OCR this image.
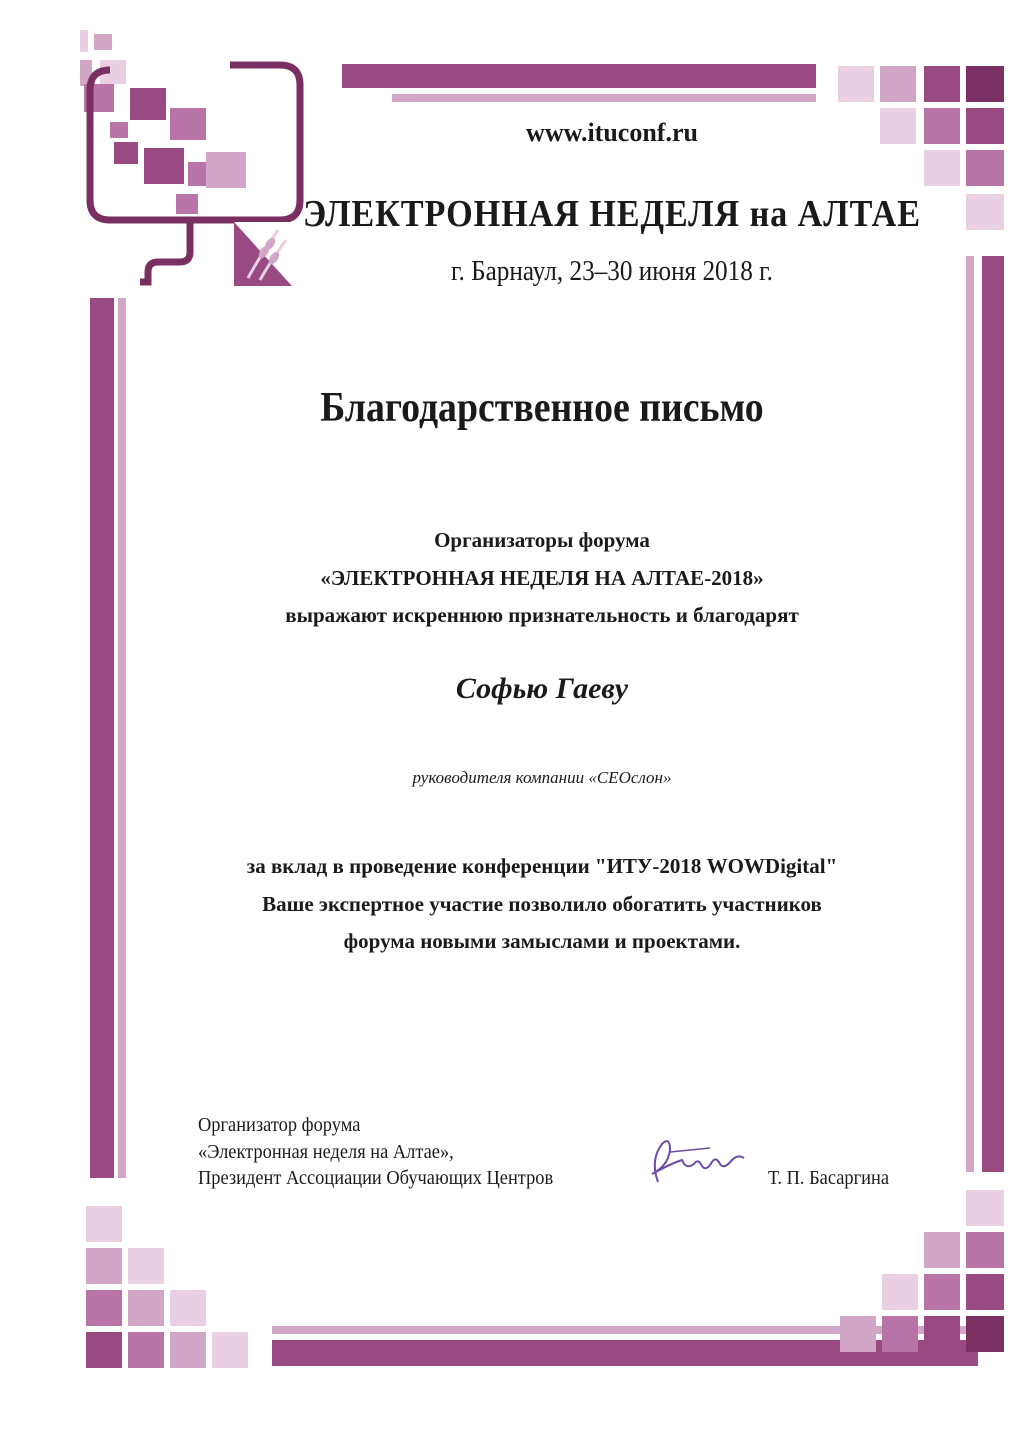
www.ituconf.ru
ЭЛЕКТРОННАЯ НЕДЕЛЯ на АЛТАЕ
г. Барнаул, 23–30 июня 2018 г.
Благодарственное письмо
Организаторы форума
«ЭЛЕКТРОННАЯ НЕДЕЛЯ НА АЛТАЕ-2018»
выражают искреннюю признательность и благодарят
Софью Гаеву
руководителя компании «СЕОслон»
за вклад в проведение конференции "ИТУ-2018 WOWDigital"
Ваше экспертное участие позволило обогатить участников
форума новыми замыслами и проектами.
Организатор форума
«Электронная неделя на Алтае»,
Президент Ассоциации Обучающих Центров	Т. П. Басаргина
